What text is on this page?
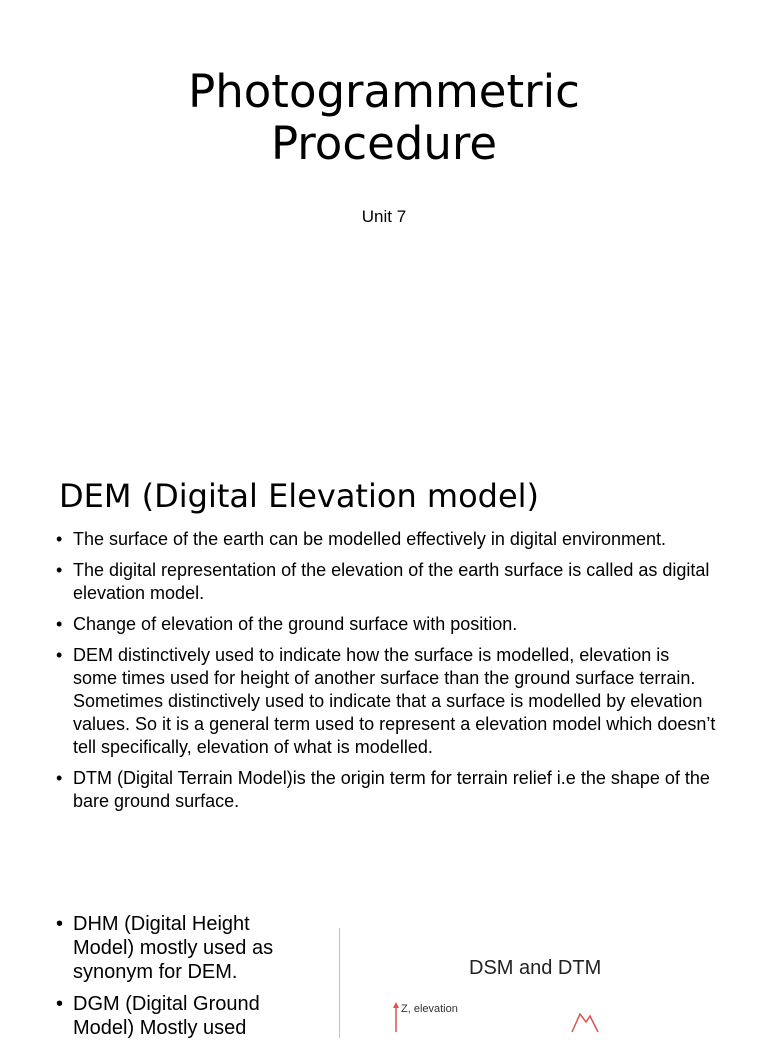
Photogrammetric
Procedure
Unit 7
DEM (Digital Elevation model)
• The surface of the earth can be modelled effectively in digital environment.
• The digital representation of the elevation of the earth surface is called as digital elevation model.
• Change of elevation of the ground surface with position.
• DEM distinctively used to indicate how the surface is modelled, elevation is some times used for height of another surface than the ground surface terrain. Sometimes distinctively used to indicate that a surface is modelled by elevation values. So it is a general term used to represent a elevation model which doesn’t tell specifically, elevation of what is modelled.
• DTM (Digital Terrain Model)is the origin term for terrain relief i.e the shape of the bare ground surface.
• DHM (Digital Height Model) mostly used as synonym for DEM.
• DGM (Digital Ground Model) Mostly used
DSM and DTM
Z, elevation
